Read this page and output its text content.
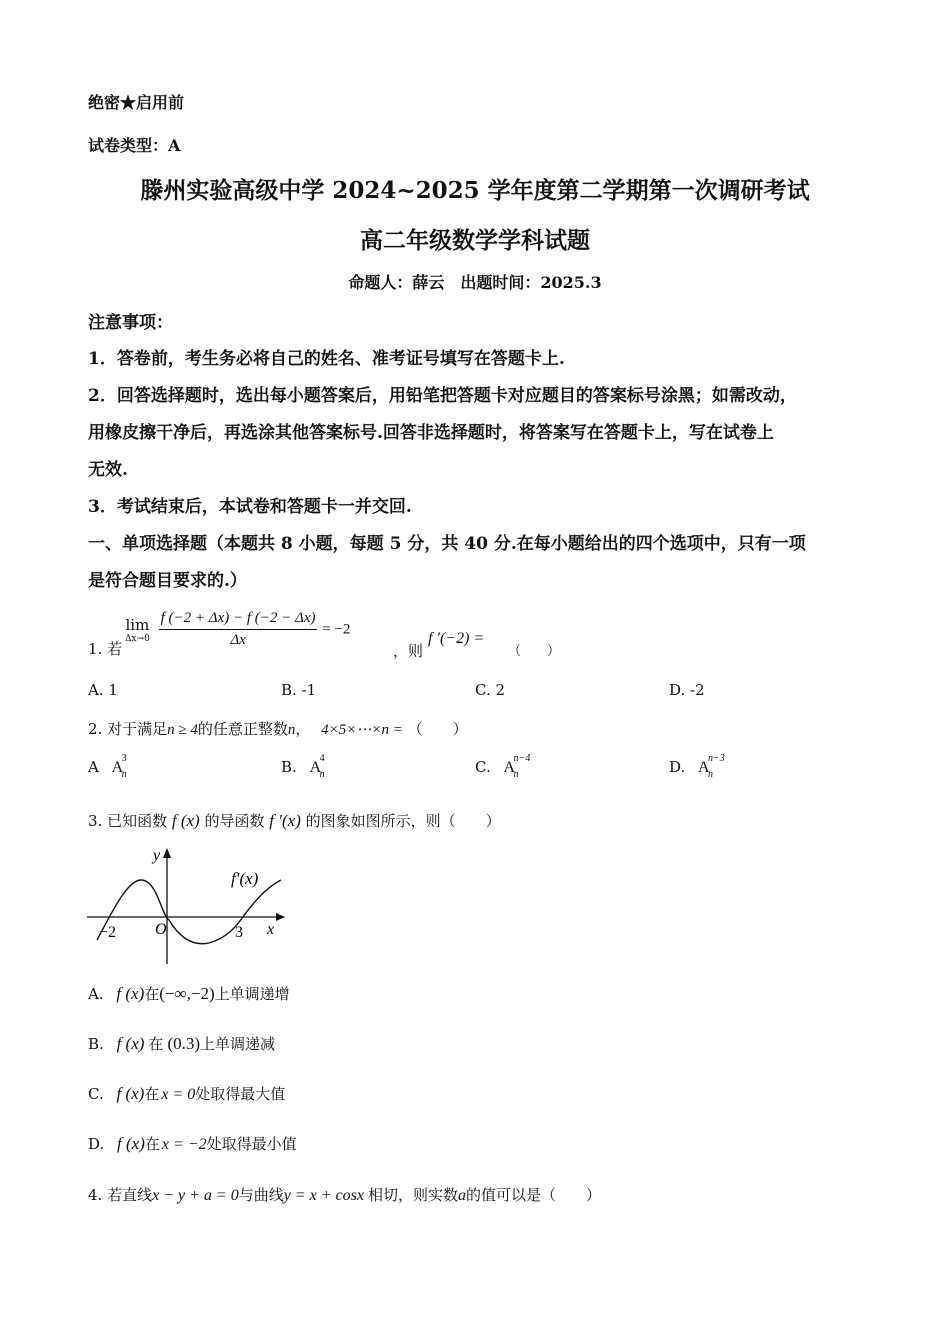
绝密★启用前
试卷类型：A
滕州实验高级中学 2024~2025 学年度第二学期第一次调研考试
高二年级数学学科试题
命题人：薛云　出题时间：2025.3
注意事项：
1．答卷前，考生务必将自己的姓名、准考证号填写在答题卡上.
2．回答选择题时，选出每小题答案后，用铅笔把答题卡对应题目的答案标号涂黑；如需改动，
用橡皮擦干净后，再选涂其他答案标号.回答非选择题时，将答案写在答题卡上，写在试卷上
无效.
3．考试结束后，本试卷和答题卡一并交回.
一、单项选择题（本题共 8 小题，每题 5 分，共 40 分.在每小题给出的四个选项中，只有一项
是符合题目要求的.）
1. 若
lim
Δx→0
$\frac{f (-2 + \Delta x) - f (-2 - \Delta x)}{\Delta x} = -2$
，则
f ′(−2) =
（　　）
A. 1	B. -1	C. 2	D. -2
2. 对于满足n ≥ 4的任意正整数n， 4×5×⋯×n = （　　）
A A
3
n	B. A
4
n	C. A
n−4
n	D. A
n−3
n
3. 已知函数 f (x) 的导函数 f ′(x) 的图象如图所示，则（　　）
O
−2	3 x
y
f′(x)
A. f (x)在(−∞,−2)上单调递增
B. f (x) 在 (0.3)上单调递减
C. f (x)在 x = 0处取得最大值
D. f (x)在 x = −2处取得最小值
4. 若直线x − y + a = 0与曲线y = x + cosx 相切，则实数a的值可以是（　　）
